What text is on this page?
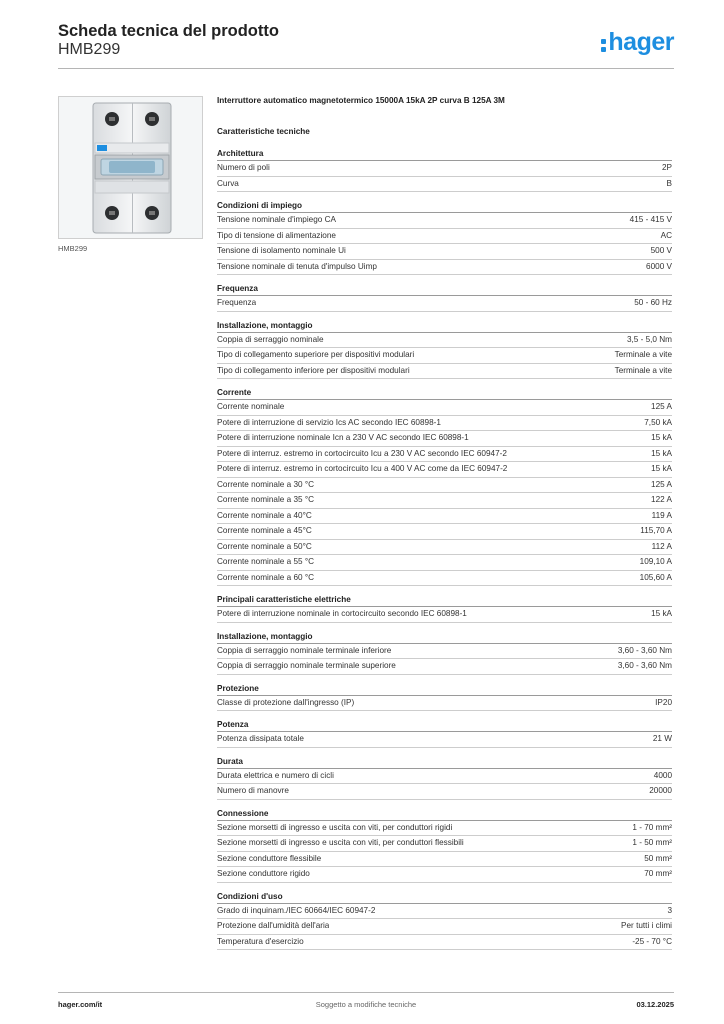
Scheda tecnica del prodotto
HMB299	hager
HMB299
Interruttore automatico magnetotermico 15000A 15kA 2P curva B 125A 3M
Caratteristiche tecniche
Architettura
Numero di poli	2P
Curva	B
Condizioni di impiego
Tensione nominale d'impiego CA	415 - 415 V
Tipo di tensione di alimentazione	AC
Tensione di isolamento nominale Ui	500 V
Tensione nominale di tenuta d'impulso Uimp	6000 V
Frequenza
Frequenza	50 - 60 Hz
Installazione, montaggio
Coppia di serraggio nominale	3,5 - 5,0 Nm
Tipo di collegamento superiore per dispositivi modulari	Terminale a vite
Tipo di collegamento inferiore per dispositivi modulari	Terminale a vite
Corrente
Corrente nominale	125 A
Potere di interruzione di servizio Ics AC secondo IEC 60898-1	7,50 kA
Potere di interruzione nominale Icn a 230 V AC secondo IEC 60898-1	15 kA
Potere di interruz. estremo in cortocircuito Icu a 230 V AC secondo IEC 60947-2	15 kA
Potere di interruz. estremo in cortocircuito Icu a 400 V AC come da IEC 60947-2	15 kA
Corrente nominale a 30 °C	125 A
Corrente nominale a 35 °C	122 A
Corrente nominale a 40°C	119 A
Corrente nominale a 45°C	115,70 A
Corrente nominale a 50°C	112 A
Corrente nominale a 55 °C	109,10 A
Corrente nominale a 60 °C	105,60 A
Principali caratteristiche elettriche
Potere di interruzione nominale in cortocircuito secondo IEC 60898-1	15 kA
Installazione, montaggio
Coppia di serraggio nominale terminale inferiore	3,60 - 3,60 Nm
Coppia di serraggio nominale terminale superiore	3,60 - 3,60 Nm
Protezione
Classe di protezione dall'ingresso (IP)	IP20
Potenza
Potenza dissipata totale	21 W
Durata
Durata elettrica e numero di cicli	4000
Numero di manovre	20000
Connessione
Sezione morsetti di ingresso e uscita con viti, per conduttori rigidi	1 - 70 mm²
Sezione morsetti di ingresso e uscita con viti, per conduttori flessibili	1 - 50 mm²
Sezione conduttore flessibile	50 mm²
Sezione conduttore rigido	70 mm²
Condizioni d'uso
Grado di inquinam./IEC 60664/IEC 60947-2	3
Protezione dall'umidità dell'aria	Per tutti i climi
Temperatura d'esercizio	-25 - 70 °C
hager.com/it	Soggetto a modifiche tecniche	03.12.2025
